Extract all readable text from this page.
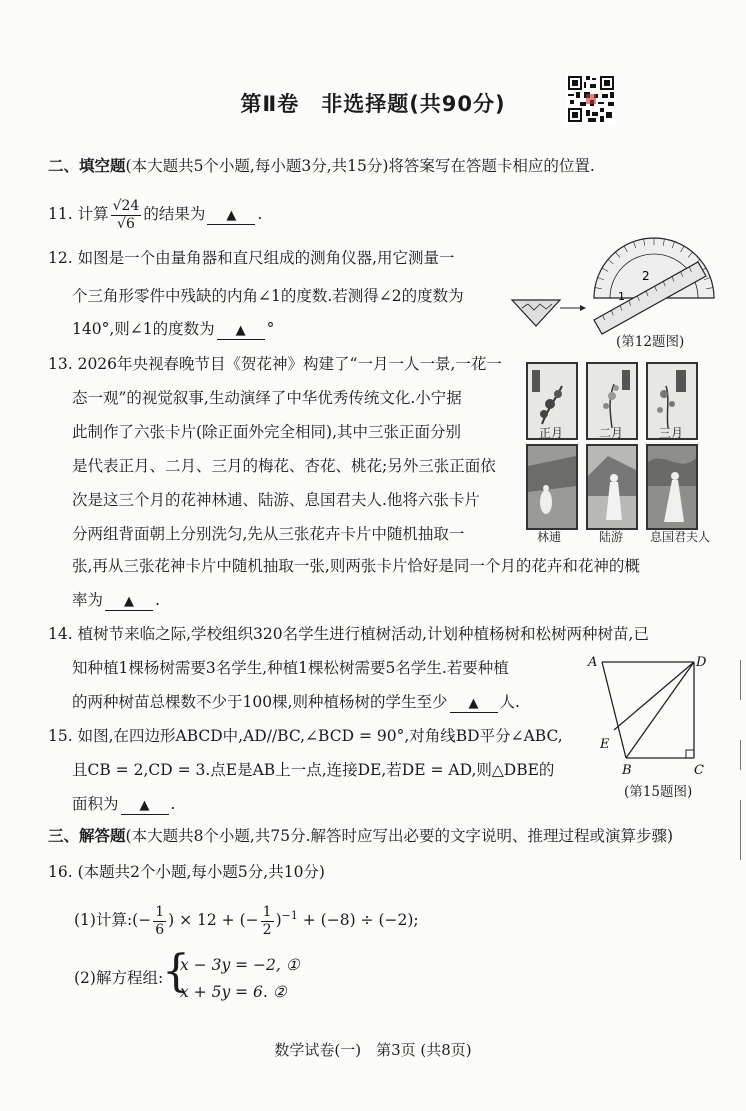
第Ⅱ卷　非选择题(共90分)
二、填空题(本大题共5个小题,每小题3分,共15分)将答案写在答题卡相应的位置.
11. 计算 $\frac{√24}{√6}$ 的结果为 ▲ .
12. 如图是一个由量角器和直尺组成的测角仪器,用它测量一
个三角形零件中残缺的内角∠1的度数.若测得∠2的度数为
140°,则∠1的度数为 ▲ °
2
1
(第12题图)
13. 2026年央视春晚节目《贺花神》构建了“一月一人一景,一花一
态一观”的视觉叙事,生动演绎了中华优秀传统文化.小宁据
此制作了六张卡片(除正面外完全相同),其中三张正面分别
是代表正月、二月、三月的梅花、杏花、桃花;另外三张正面依
次是这三个月的花神林逋、陆游、息国君夫人.他将六张卡片
分两组背面朝上分别洗匀,先从三张花卉卡片中随机抽取一
张,再从三张花神卡片中随机抽取一张,则两张卡片恰好是同一个月的花卉和花神的概
率为 ▲ .
正月	二月	三月
林逋	陆游	息国君夫人
14. 植树节来临之际,学校组织320名学生进行植树活动,计划种植杨树和松树两种树苗,已
知种植1棵杨树需要3名学生,种植1棵松树需要5名学生.若要种植
的两种树苗总棵数不少于100棵,则种植杨树的学生至少 ▲ 人.
15. 如图,在四边形ABCD中,AD//BC,∠BCD = 90°,对角线BD平分∠ABC,
且CB = 2,CD = 3.点E是AB上一点,连接DE,若DE = AD,则△DBE的
面积为 ▲ .
A	D
E
B	C
(第15题图)
三、解答题(本大题共8个小题,共75分.解答时应写出必要的文字说明、推理过程或演算步骤)
16. (本题共2个小题,每小题5分,共10分)
(1)计算:(− $\frac{1}{6}$ ) × 12 + (− $\frac{1}{2} )^{-1} + (-8) \div (-2)$;
(2)解方程组:
{
x − 3y = −2, ①
x + 5y = 6. ②
数学试卷(一)　第3页 (共8页)
